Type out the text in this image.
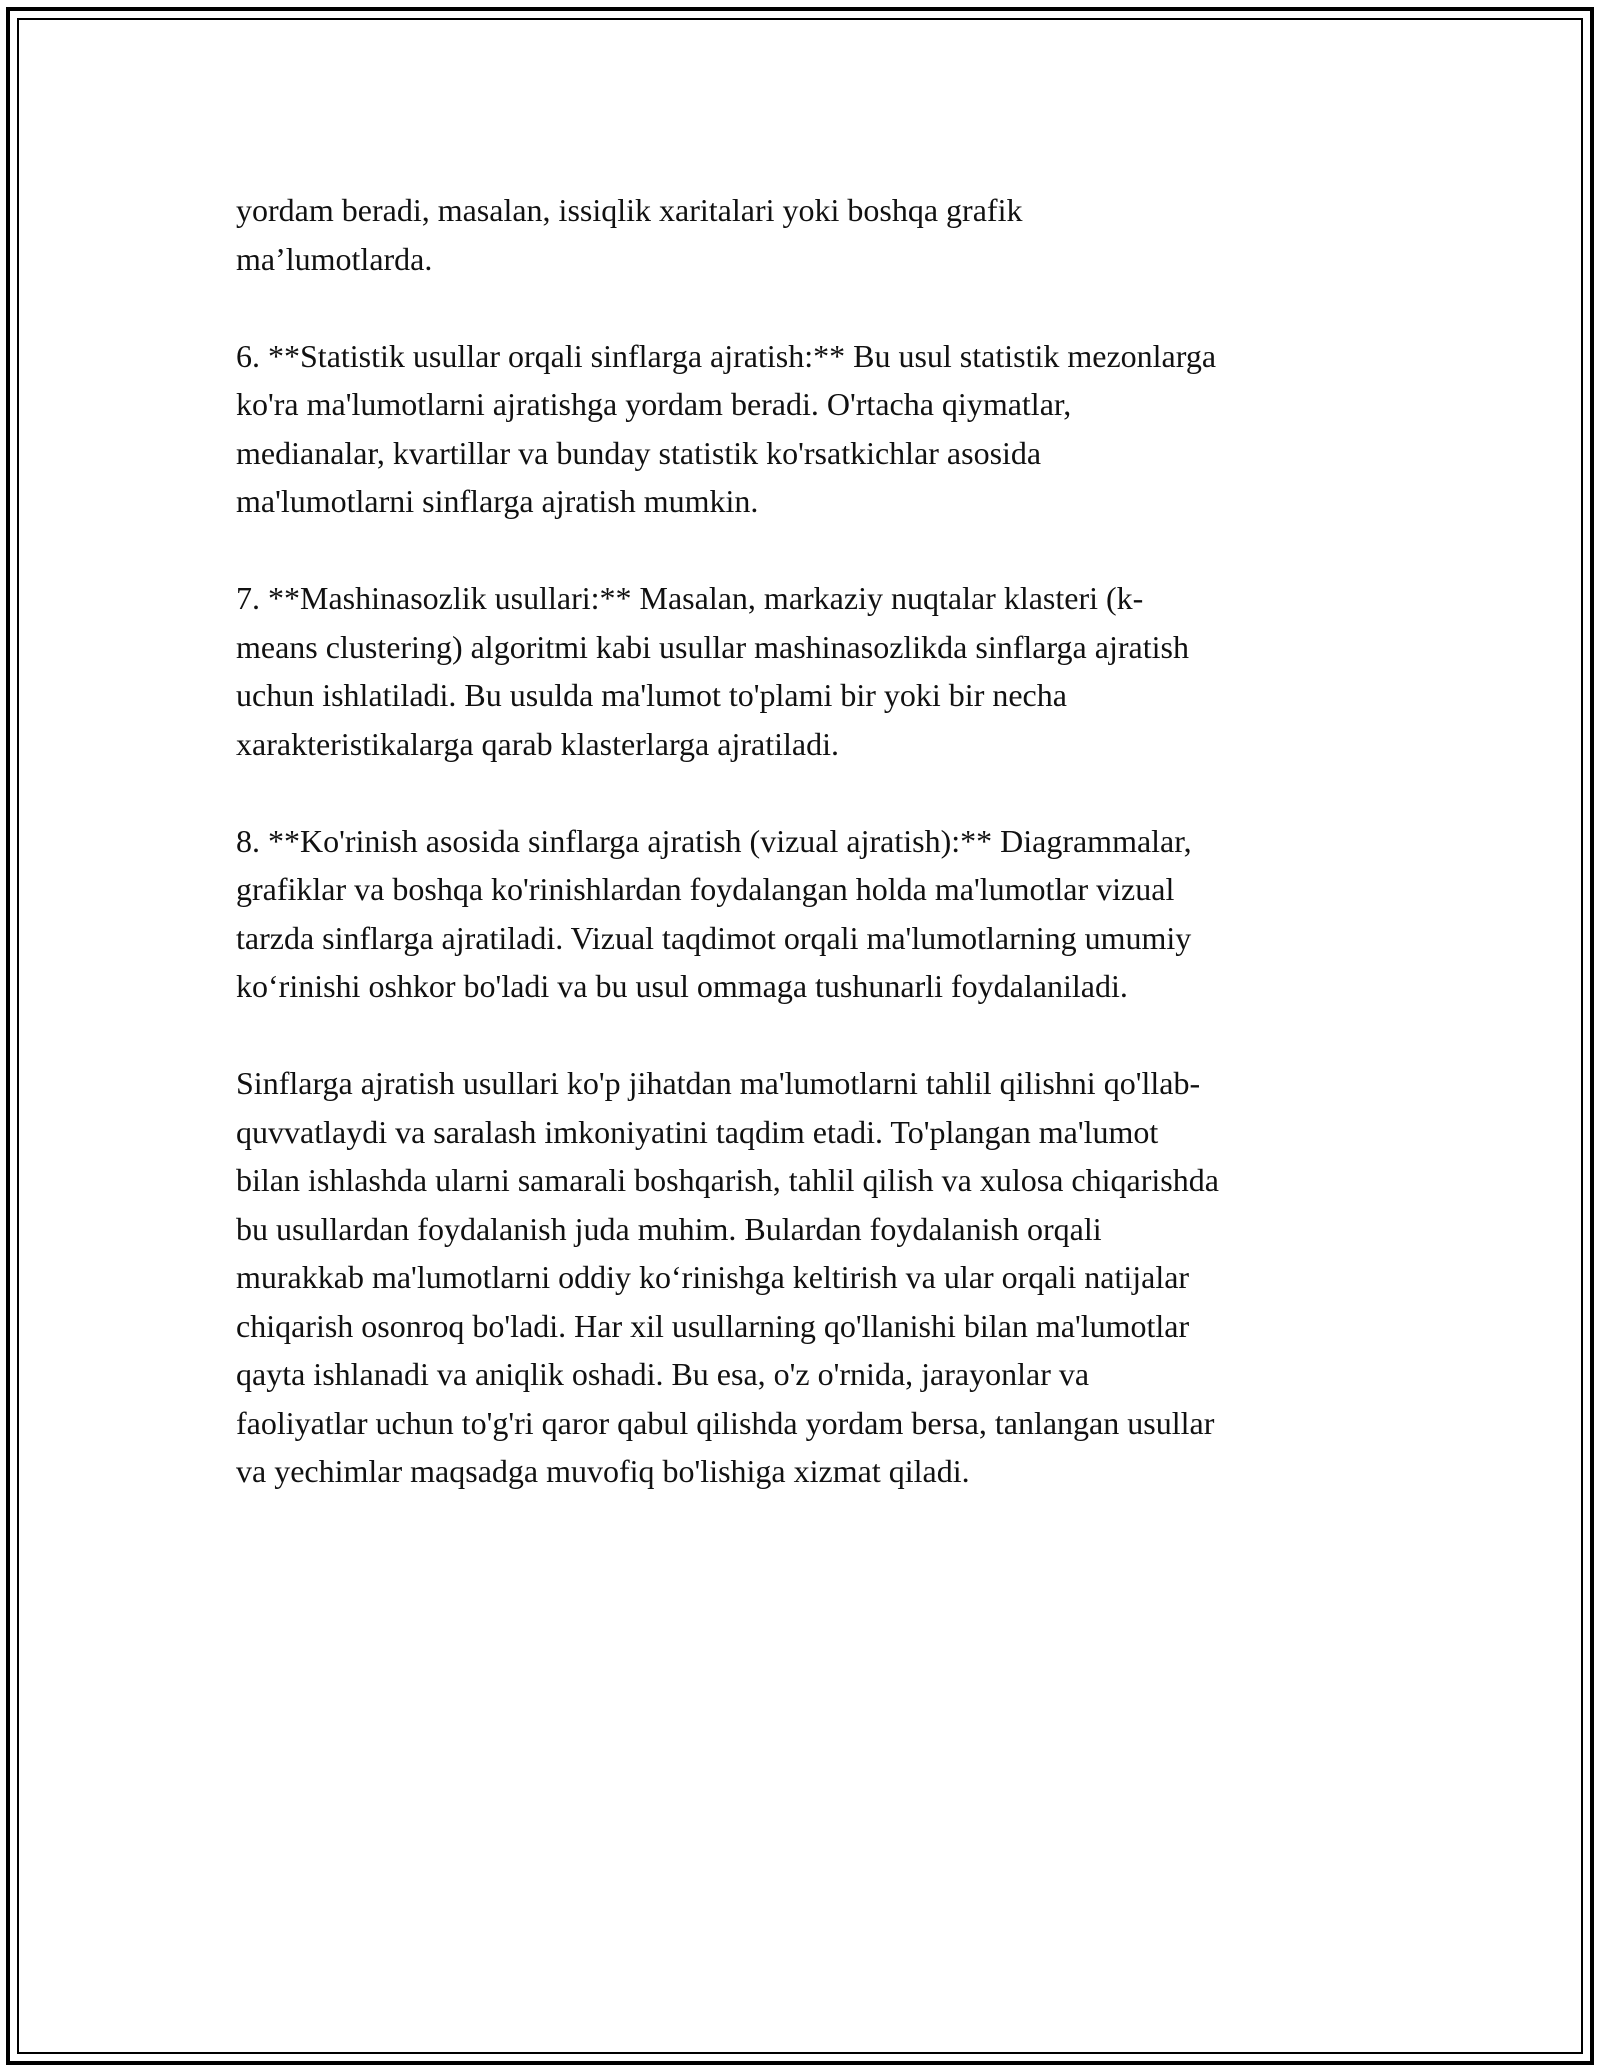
yordam beradi, masalan, issiqlik xaritalari yoki boshqa grafik
ma’lumotlarda.
6. **Statistik usullar orqali sinflarga ajratish:** Bu usul statistik mezonlarga
ko'ra ma'lumotlarni ajratishga yordam beradi. O'rtacha qiymatlar,
medianalar, kvartillar va bunday statistik ko'rsatkichlar asosida
ma'lumotlarni sinflarga ajratish mumkin.
7. **Mashinasozlik usullari:** Masalan, markaziy nuqtalar klasteri (k-
means clustering) algoritmi kabi usullar mashinasozlikda sinflarga ajratish
uchun ishlatiladi. Bu usulda ma'lumot to'plami bir yoki bir necha
xarakteristikalarga qarab klasterlarga ajratiladi.
8. **Ko'rinish asosida sinflarga ajratish (vizual ajratish):** Diagrammalar,
grafiklar va boshqa ko'rinishlardan foydalangan holda ma'lumotlar vizual
tarzda sinflarga ajratiladi. Vizual taqdimot orqali ma'lumotlarning umumiy
ko‘rinishi oshkor bo'ladi va bu usul ommaga tushunarli foydalaniladi.
Sinflarga ajratish usullari ko'p jihatdan ma'lumotlarni tahlil qilishni qo'llab-
quvvatlaydi va saralash imkoniyatini taqdim etadi. To'plangan ma'lumot
bilan ishlashda ularni samarali boshqarish, tahlil qilish va xulosa chiqarishda
bu usullardan foydalanish juda muhim. Bulardan foydalanish orqali
murakkab ma'lumotlarni oddiy ko‘rinishga keltirish va ular orqali natijalar
chiqarish osonroq bo'ladi. Har xil usullarning qo'llanishi bilan ma'lumotlar
qayta ishlanadi va aniqlik oshadi. Bu esa, o'z o'rnida, jarayonlar va
faoliyatlar uchun to'g'ri qaror qabul qilishda yordam bersa, tanlangan usullar
va yechimlar maqsadga muvofiq bo'lishiga xizmat qiladi.
